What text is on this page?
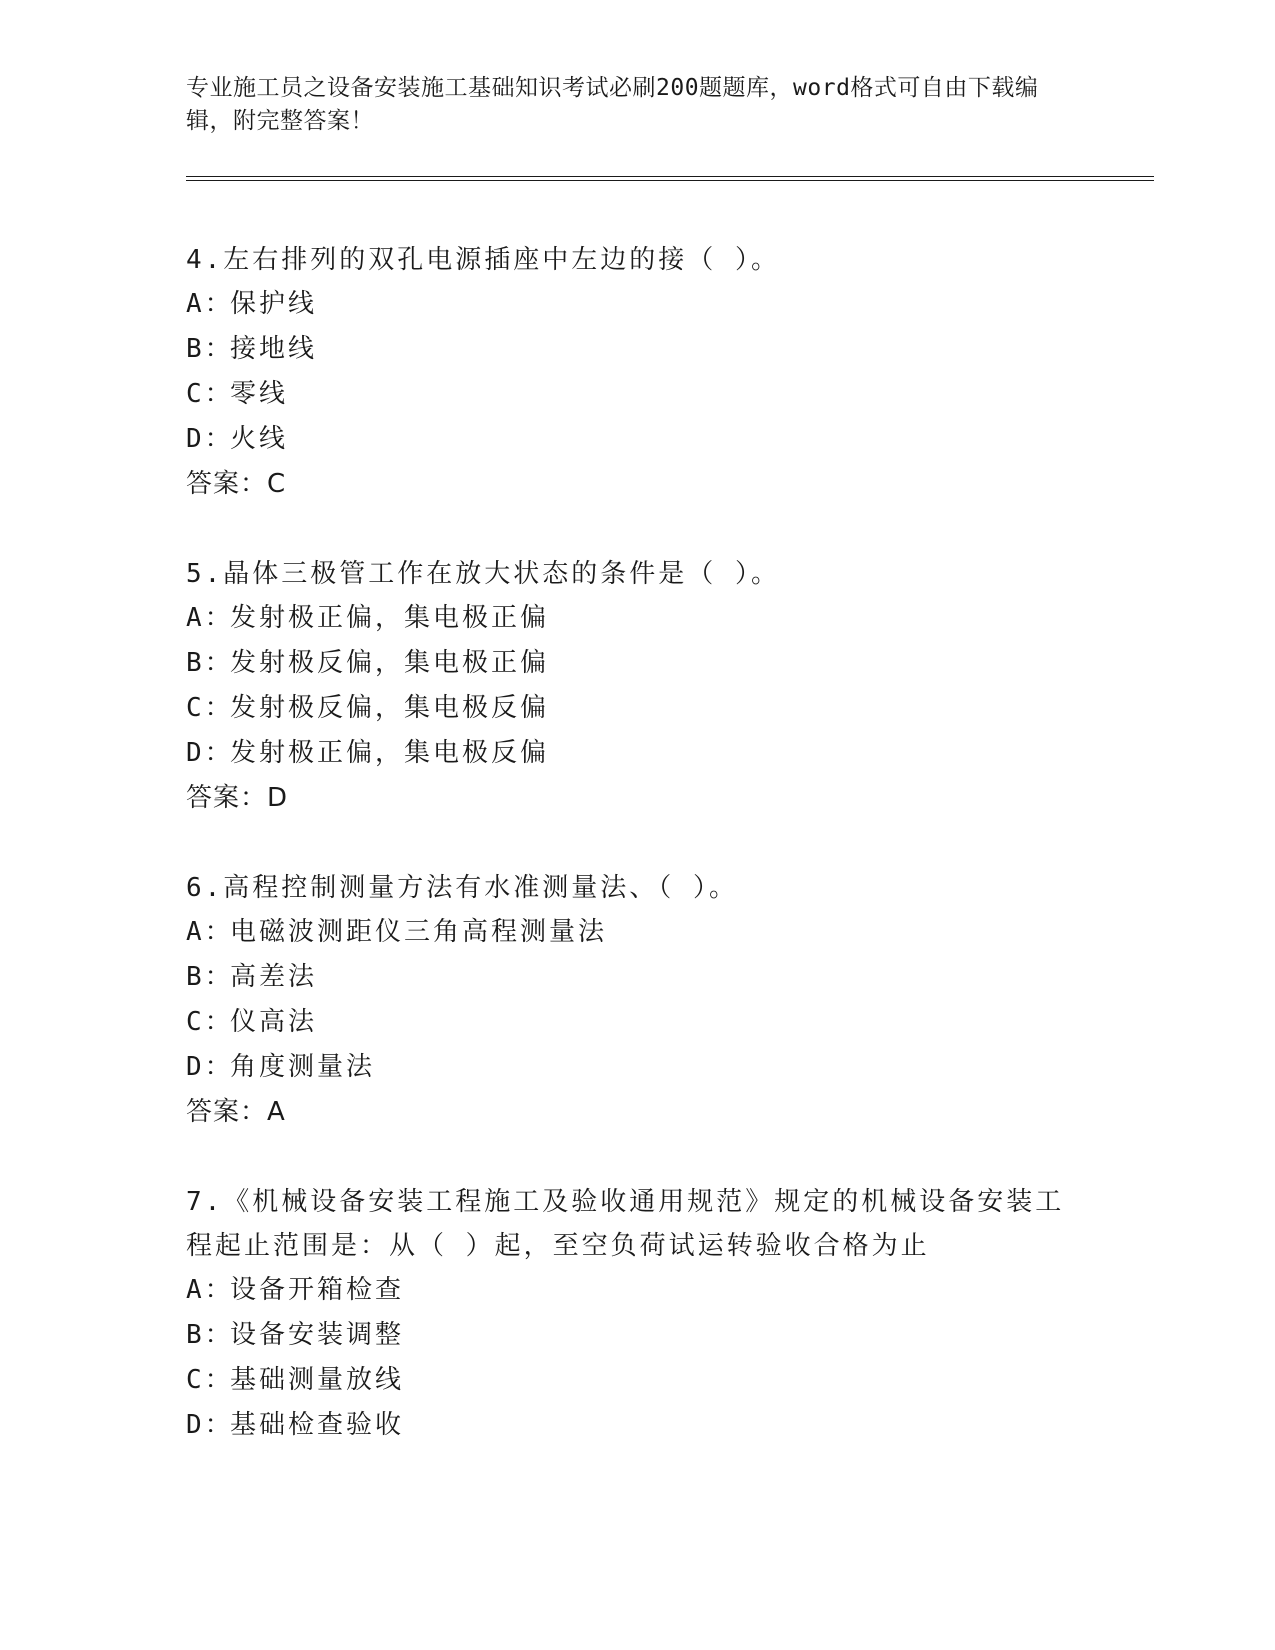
专业施工员之设备安装施工基础知识考试必刷200题题库，word格式可自由下载编辑，附完整答案！
4.左右排列的双孔电源插座中左边的接（ ）。
A：
保护线
B：
接地线
C：
零线
D：
火线
答案：C
5.晶体三极管工作在放大状态的条件是（ ）。
A：
发射极正偏，集电极正偏
B：
发射极反偏，集电极正偏
C：
发射极反偏，集电极反偏
D：
发射极正偏，集电极反偏
答案：D
6.高程控制测量方法有水准测量法、（ ）。
A：
电磁波测距仪三角高程测量法
B：
高差法
C：
仪高法
D：
角度测量法
答案：A
7.《机械设备安装工程施工及验收通用规范》规定的机械设备安装工程起止范围是：从（ ）起，至空负荷试运转验收合格为止
A：
设备开箱检查
B：
设备安装调整
C：
基础测量放线
D：
基础检查验收
